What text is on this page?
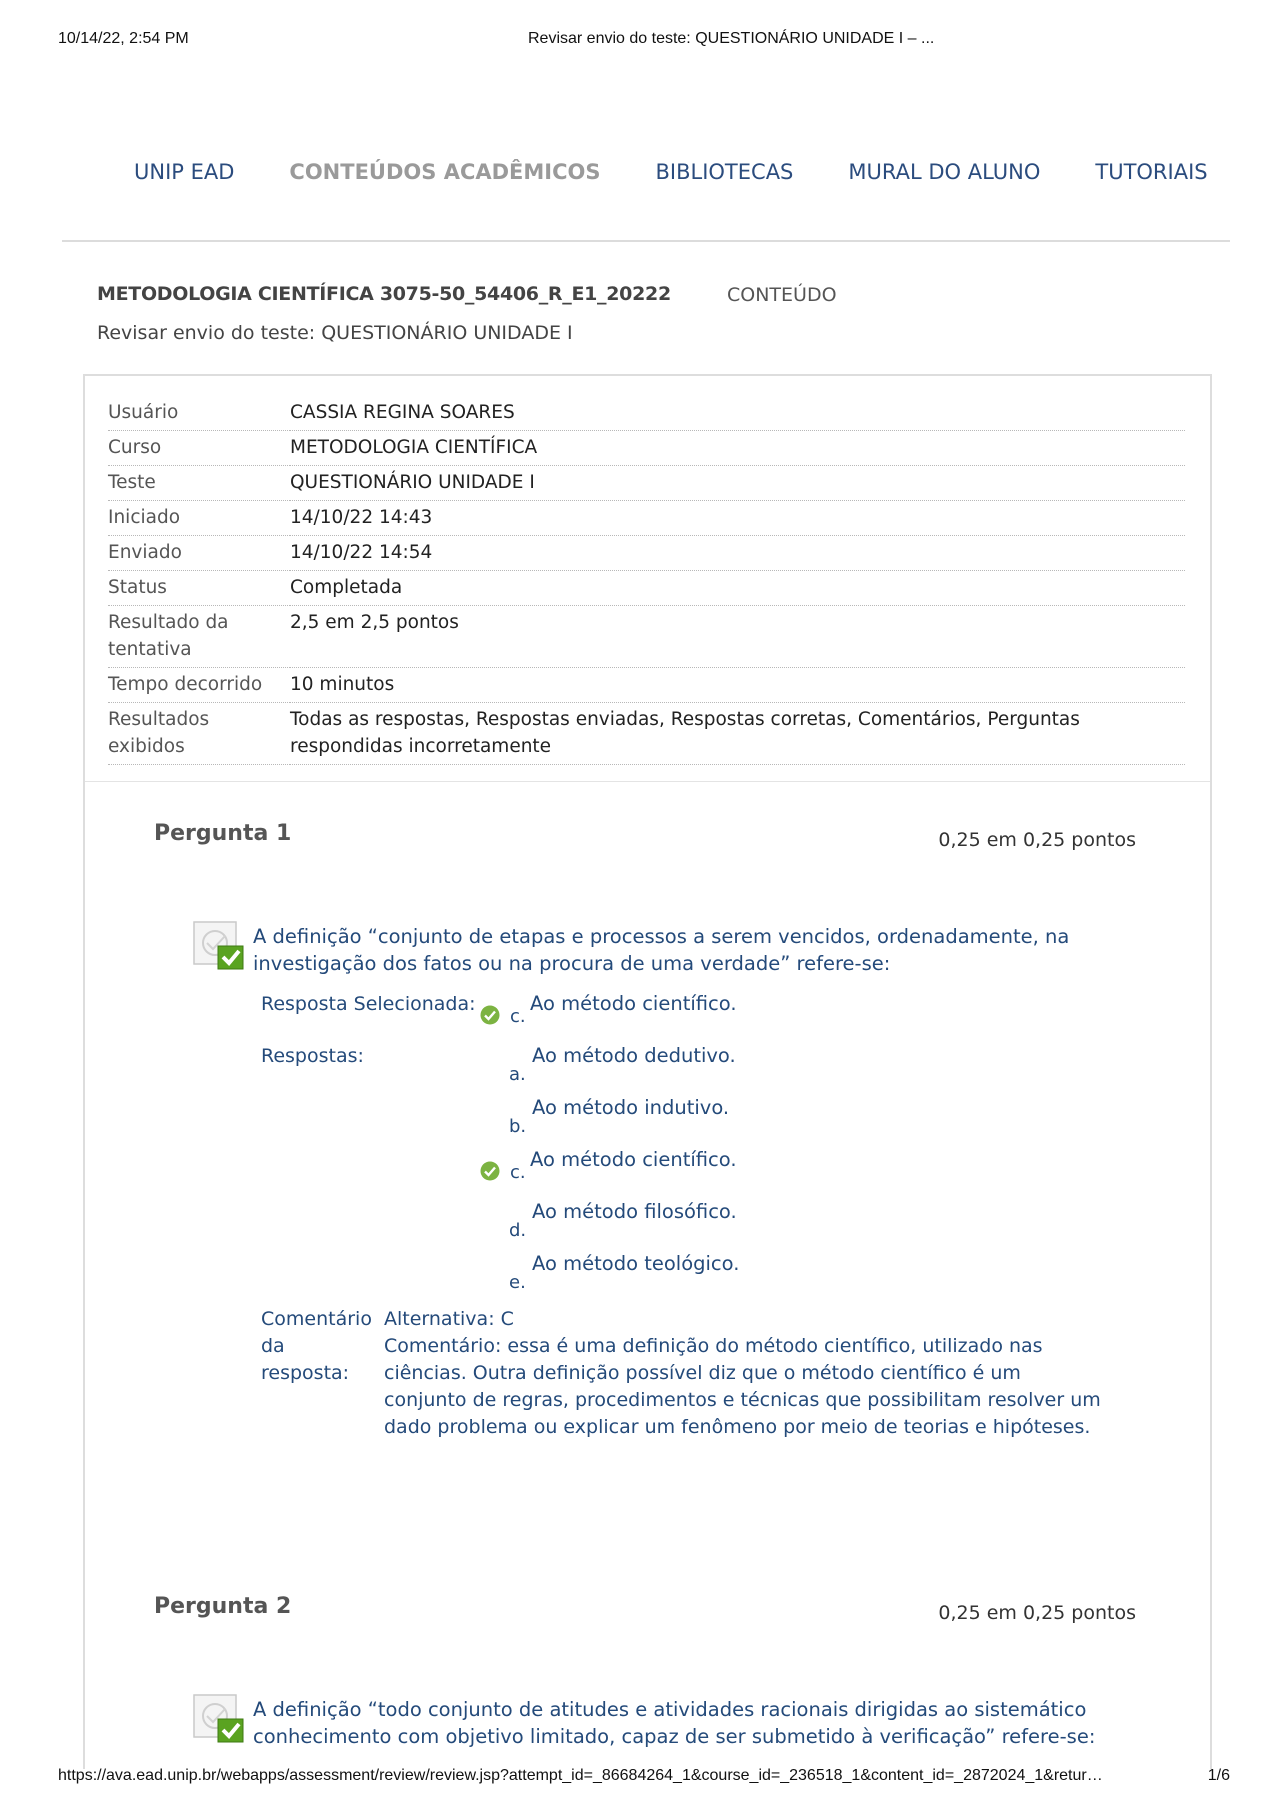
10/14/22, 2:54 PM	Revisar envio do teste: QUESTIONÁRIO UNIDADE I – ...
UNIP EAD	CONTEÚDOS ACADÊMICOS	BIBLIOTECAS	MURAL DO ALUNO	TUTORIAIS
METODOLOGIA CIENTÍFICA 3075-50_54406_R_E1_20222	CONTEÚDO
Revisar envio do teste: QUESTIONÁRIO UNIDADE I
Usuário	CASSIA REGINA SOARES
Curso	METODOLOGIA CIENTÍFICA
Teste	QUESTIONÁRIO UNIDADE I
Iniciado	14/10/22 14:43
Enviado	14/10/22 14:54
Status	Completada
Resultado da tentativa	2,5 em 2,5 pontos
Tempo decorrido	10 minutos
Resultados exibidos	Todas as respostas, Respostas enviadas, Respostas corretas, Comentários, Perguntas respondidas incorretamente
Pergunta 1	0,25 em 0,25 pontos
A definição “conjunto de etapas e processos a serem vencidos, ordenadamente, na investigação dos fatos ou na procura de uma verdade” refere-se:
Resposta Selecionada:
c.
Ao método científico.
Respostas:
a.
Ao método dedutivo.
b.
Ao método indutivo.
c.
Ao método científico.
d.
Ao método filosófico.
e.
Ao método teológico.
Comentário da resposta:
Alternativa: C
Comentário: essa é uma definição do método científico, utilizado nas ciências. Outra definição possível diz que o método científico é um conjunto de regras, procedimentos e técnicas que possibilitam resolver um dado problema ou explicar um fenômeno por meio de teorias e hipóteses.
Pergunta 2	0,25 em 0,25 pontos
A definição “todo conjunto de atitudes e atividades racionais dirigidas ao sistemático conhecimento com objetivo limitado, capaz de ser submetido à verificação” refere-se:
https://ava.ead.unip.br/webapps/assessment/review/review.jsp?attempt_id=_86684264_1&course_id=_236518_1&content_id=_2872024_1&retur…	1/6
